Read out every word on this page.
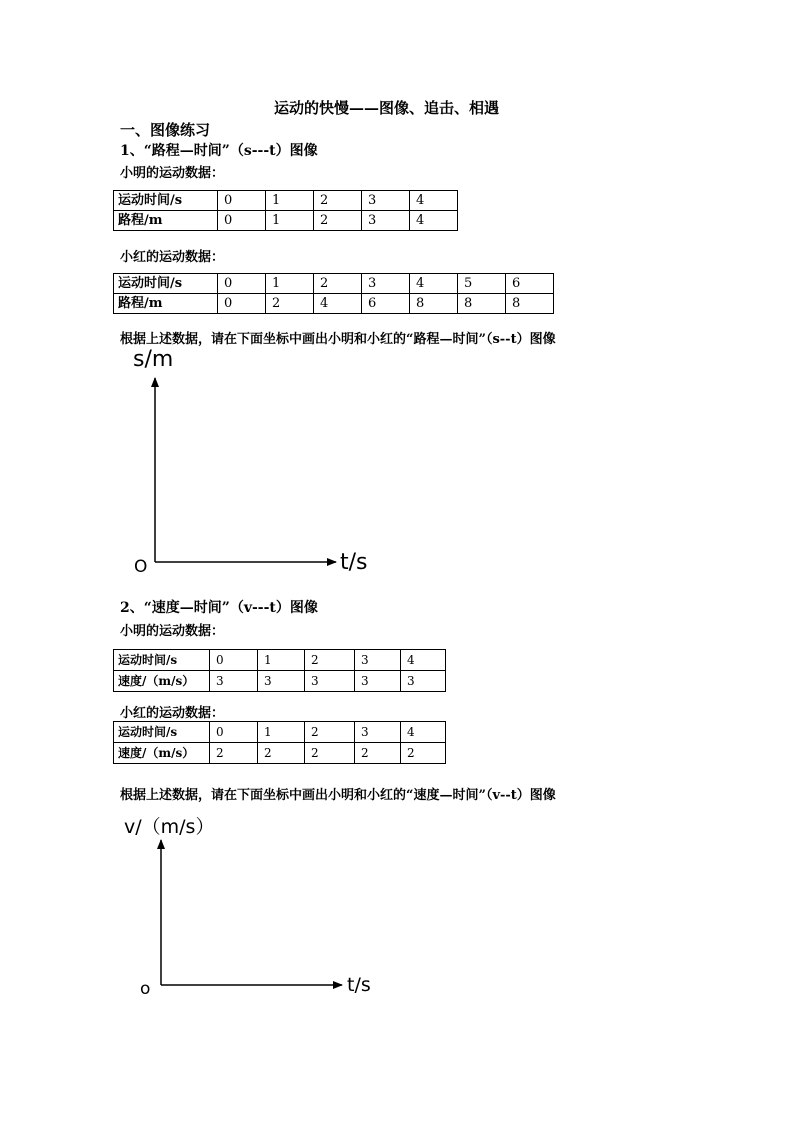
运动的快慢——图像、追击、相遇
一、图像练习
1、“路程—时间”（s---t）图像
小明的运动数据：
运动时间/s	0	1	2	3	4
路程/m	0	1	2	3	4
小红的运动数据：
运动时间/s	0	1	2	3	4	5	6
路程/m	0	2	4	6	8	8	8
根据上述数据，请在下面坐标中画出小明和小红的“路程—时间”（s--t）图像
s/m
t/s
O
2、“速度—时间”（v---t）图像
小明的运动数据：
运动时间/s	0	1	2	3	4
速度/（m/s）	3	3	3	3	3
小红的运动数据：
运动时间/s	0	1	2	3	4
速度/（m/s）	2	2	2	2	2
根据上述数据，请在下面坐标中画出小明和小红的“速度—时间”（v--t）图像
v/（m/s）
t/s
o
